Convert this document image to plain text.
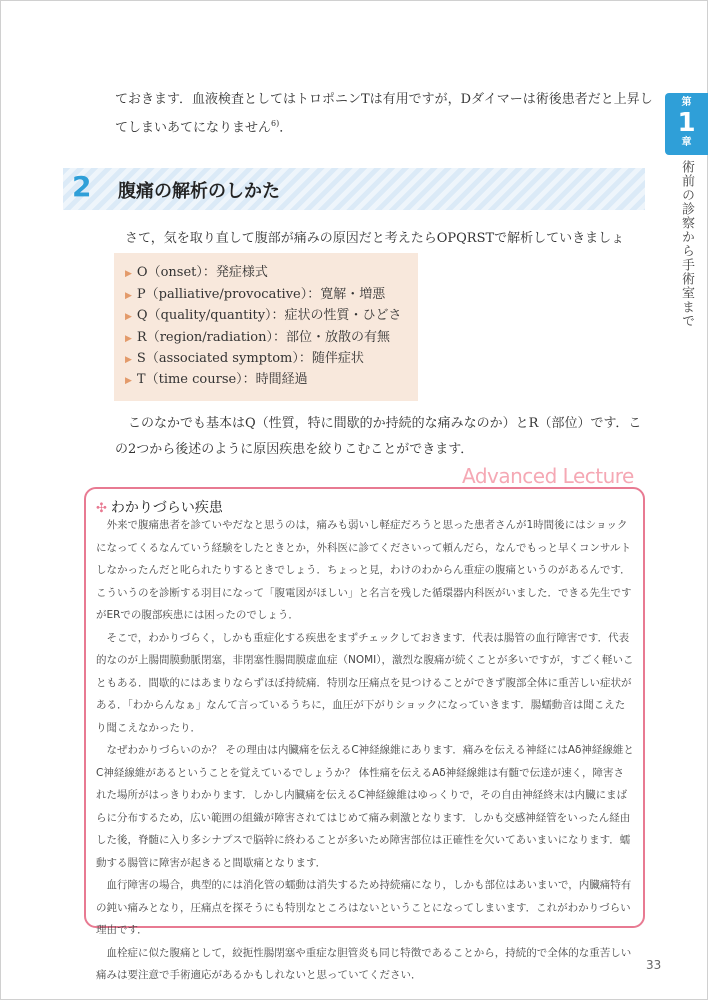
第
1
章
術前の診察から手術室まで
ておきます．血液検査としてはトロポニンTは有用ですが，Dダイマーは術後患者だと上昇してしまいあてになりません$^{6)}$．
2 腹痛の解析のしかた
さて，気を取り直して腹部が痛みの原因だと考えたらOPQRSTで解析していきましょ
▶ O（onset）：発症様式
▶ P（palliative/provocative）：寛解・増悪
▶ Q（quality/quantity）：症状の性質・ひどさ
▶ R（region/radiation）：部位・放散の有無
▶ S（associated symptom）：随伴症状
▶ T（time course）：時間経過
このなかでも基本はQ（性質，特に間歇的か持続的な痛みなのか）とR（部位）です．この2つから後述のように原因疾患を絞りこむことができます．
Advanced Lecture
✣ わかりづらい疾患

外来で腹痛患者を診ていやだなと思うのは，痛みも弱いし軽症だろうと思った患者さんが1時間後にはショックになってくるなんていう経験をしたときとか，外科医に診てくださいって頼んだら，なんでもっと早くコンサルトしなかったんだと叱られたりするときでしょう．ちょっと見，わけのわからん重症の腹痛というのがあるんです．こういうのを診断する羽目になって「腹電図がほしい」と名言を残した循環器内科医がいました．できる先生ですがERでの腹部疾患には困ったのでしょう．

そこで，わかりづらく，しかも重症化する疾患をまずチェックしておきます．代表は腸管の血行障害です．代表的なのが上腸間膜動脈閉塞，非閉塞性腸間膜虚血症（NOMI），激烈な腹痛が続くことが多いですが，すごく軽いこともある．間歇的にはあまりならずほぼ持続痛．特別な圧痛点を見つけることができず腹部全体に重苦しい症状がある．「わからんなぁ」なんて言っているうちに，血圧が下がりショックになっていきます．腸蠕動音は聞こえたり聞こえなかったり．

なぜわかりづらいのか？ その理由は内臓痛を伝えるC神経線維にあります．痛みを伝える神経にはAδ神経線維とC神経線維があるということを覚えているでしょうか？ 体性痛を伝えるAδ神経線維は有髄で伝達が速く，障害された場所がはっきりわかります．しかし内臓痛を伝えるC神経線維はゆっくりで，その自由神経終末は内臓にまばらに分布するため，広い範囲の組織が障害されてはじめて痛み刺激となります．しかも交感神経管をいったん経由した後，脊髄に入り多シナプスで脳幹に終わることが多いため障害部位は正確性を欠いてあいまいになります．蠕動する腸管に障害が起きると間歇痛となります．

血行障害の場合，典型的には消化管の蠕動は消失するため持続痛になり，しかも部位はあいまいで，内臓痛特有の鈍い痛みとなり，圧痛点を探そうにも特別なところはないということになってしまいます．これがわかりづらい理由です．

血栓症に似た腹痛として，絞扼性腸閉塞や重症な胆管炎も同じ特徴であることから，持続的で全体的な重苦しい痛みは要注意で手術適応があるかもしれないと思っていてください．

33
